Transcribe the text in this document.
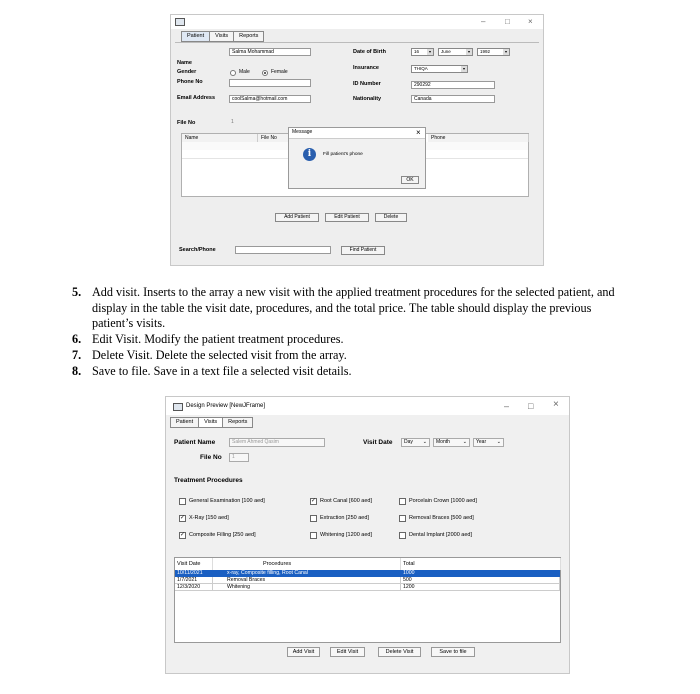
– □ ×
Patient	Visits	Reports
Salma Mohammad
Name
Gender	Male	Female
Phone No
Email Address	coolSalma@hotmail.com
File No	1
Date of Birth	16	▾	June	▾	1992	▾
Insurance	THIQA	▾
ID Number	290292
Nationality	Canada
Name	File No	Phone
Message	×
i	Fill patient's phone
OK
Add Patient	Edit Patient	Delete
Search/Phone	Find Patient
5. Add visit. Inserts to the array a new visit with the applied treatment procedures for the selected patient, and display in the table the visit date, procedures, and the total price. The table should display the previous patient’s visits.
6. Edit Visit. Modify the patient treatment procedures.
7. Delete Visit. Delete the selected visit from the array.
8. Save to file. Save in a text file a selected visit details.
Design Preview [NewJFrame]	– □ ×
Patient	Visits	Reports
Patient Name	Salem Ahmed Qasim	Visit Date	Day ⌄	Month	⌄	Year ⌄
File No	1
Treatment Procedures
General Examination [100 aed]	✓ Root Canal [600 aed]	Porcelain Crown [1000 aed]
✓ X-Ray [150 aed]	Extraction [250 aed]	Removal Braces [500 aed]
✓ Composite Filling [250 aed]	Whitening [1200 aed]	Dental Implant [2000 aed]
Visit Date	Procedures	Total
10/11/2021	x-ray, Composite filling, Root Canal	1000
1/7/2021	Removal Braces	500
12/3/2020	Whitening	1200
Add Visit	Edit Visit	Delete Visit	Save to file
